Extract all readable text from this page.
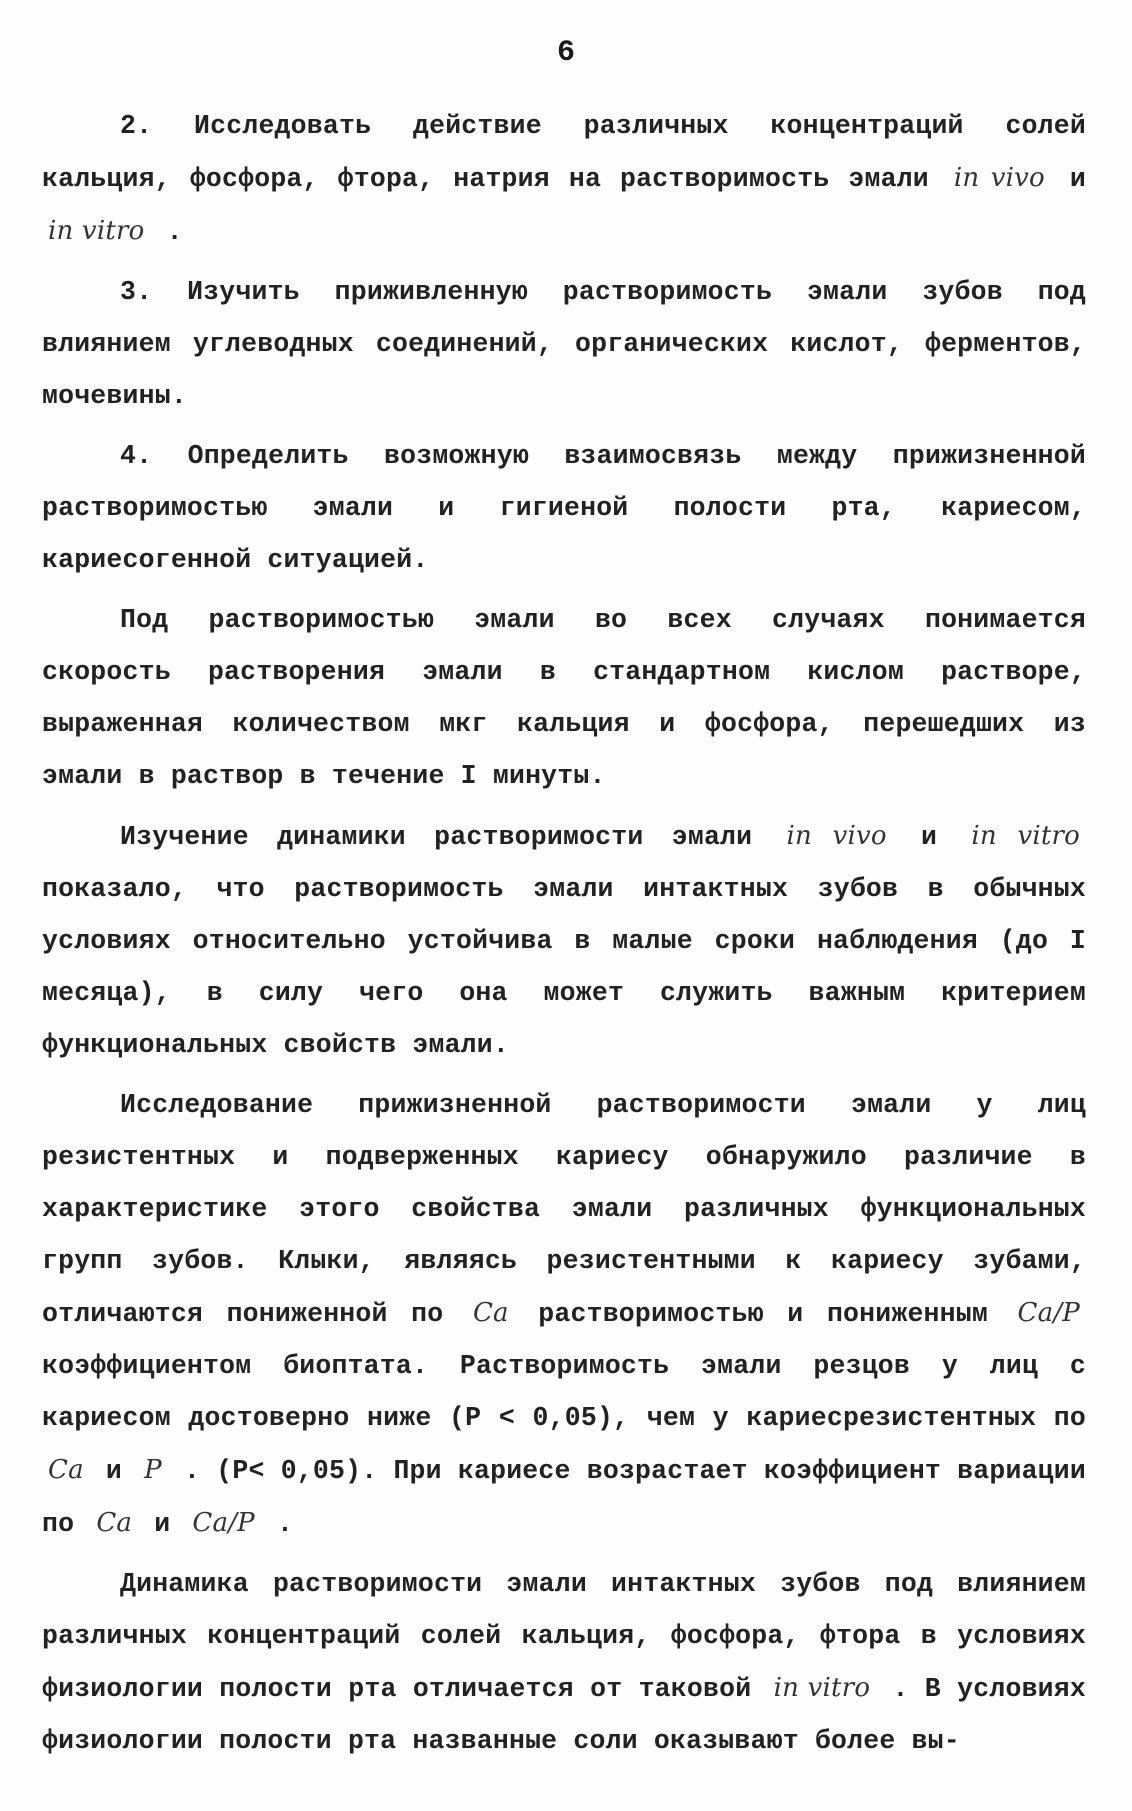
6

2. Исследовать действие различных концентраций солей кальция, фосфора, фтора, натрия на растворимость эмали in vivo и in vitro .

3. Изучить приживленную растворимость эмали зубов под влиянием углеводных соединений, органических кислот, ферментов, мочевины.

4. Определить возможную взаимосвязь между прижизненной растворимостью эмали и гигиеной полости рта, кариесом, кариесогенной ситуацией.

Под растворимостью эмали во всех случаях понимается скорость растворения эмали в стандартном кислом растворе, выраженная количеством мкг кальция и фосфора, перешедших из эмали в раствор в течение I минуты.

Изучение динамики растворимости эмали in vivo и in vitro показало, что растворимость эмали интактных зубов в обычных условиях относительно устойчива в малые сроки наблюдения (до I месяца), в силу чего она может служить важным критерием функциональных свойств эмали.

Исследование прижизненной растворимости эмали у лиц резистентных и подверженных кариесу обнаружило различие в характеристике этого свойства эмали различных функциональных групп зубов. Клыки, являясь резистентными к кариесу зубами, отличаются пониженной по Ca растворимостью и пониженным Ca/P коэффициентом биоптата. Растворимость эмали резцов у лиц с кариесом достоверно ниже (P < 0,05), чем у кариесрезистентных по Ca и P . (P< 0,05). При кариесе возрастает коэффициент вариации по Ca и Ca/P .

Динамика растворимости эмали интактных зубов под влиянием различных концентраций солей кальция, фосфора, фтора в условиях физиологии полости рта отличается от таковой in vitro . В условиях физиологии полости рта названные соли оказывают более вы-
